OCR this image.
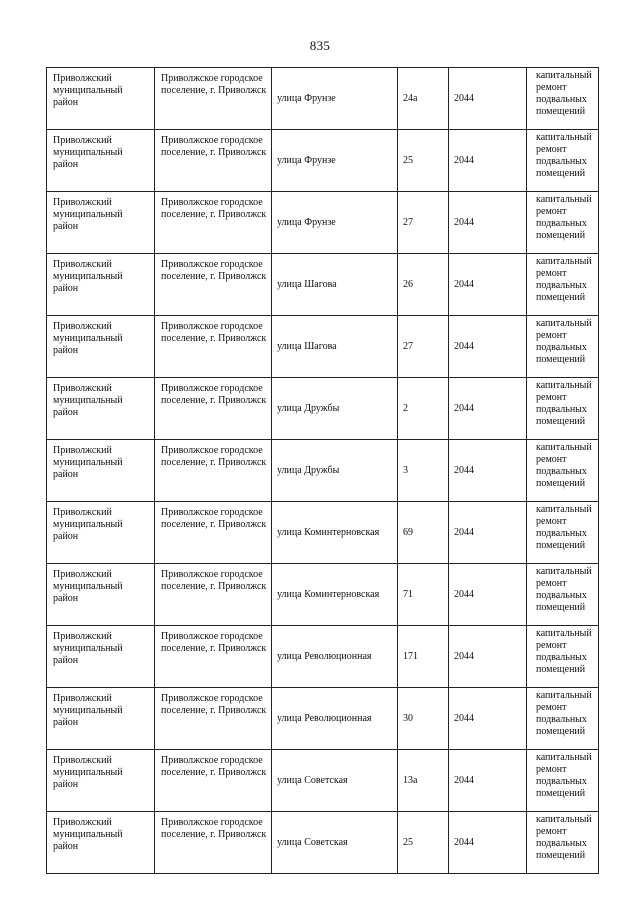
835
Приволжский муниципальный район	Приволжское городское поселение, г. Приволжск	улица Фрунзе	24а	2044	капитальный ремонт подвальных помещений
Приволжский муниципальный район	Приволжское городское поселение, г. Приволжск	улица Фрунзе	25	2044	капитальный ремонт подвальных помещений
Приволжский муниципальный район	Приволжское городское поселение, г. Приволжск	улица Фрунзе	27	2044	капитальный ремонт подвальных помещений
Приволжский муниципальный район	Приволжское городское поселение, г. Приволжск	улица Шагова	26	2044	капитальный ремонт подвальных помещений
Приволжский муниципальный район	Приволжское городское поселение, г. Приволжск	улица Шагова	27	2044	капитальный ремонт подвальных помещений
Приволжский муниципальный район	Приволжское городское поселение, г. Приволжск	улица Дружбы	2	2044	капитальный ремонт подвальных помещений
Приволжский муниципальный район	Приволжское городское поселение, г. Приволжск	улица Дружбы	3	2044	капитальный ремонт подвальных помещений
Приволжский муниципальный район	Приволжское городское поселение, г. Приволжск	улица Коминтерновская	69	2044	капитальный ремонт подвальных помещений
Приволжский муниципальный район	Приволжское городское поселение, г. Приволжск	улица Коминтерновская	71	2044	капитальный ремонт подвальных помещений
Приволжский муниципальный район	Приволжское городское поселение, г. Приволжск	улица Революционная	171	2044	капитальный ремонт подвальных помещений
Приволжский муниципальный район	Приволжское городское поселение, г. Приволжск	улица Революционная	30	2044	капитальный ремонт подвальных помещений
Приволжский муниципальный район	Приволжское городское поселение, г. Приволжск	улица Советская	13а	2044	капитальный ремонт подвальных помещений
Приволжский муниципальный район	Приволжское городское поселение, г. Приволжск	улица Советская	25	2044	капитальный ремонт подвальных помещений
